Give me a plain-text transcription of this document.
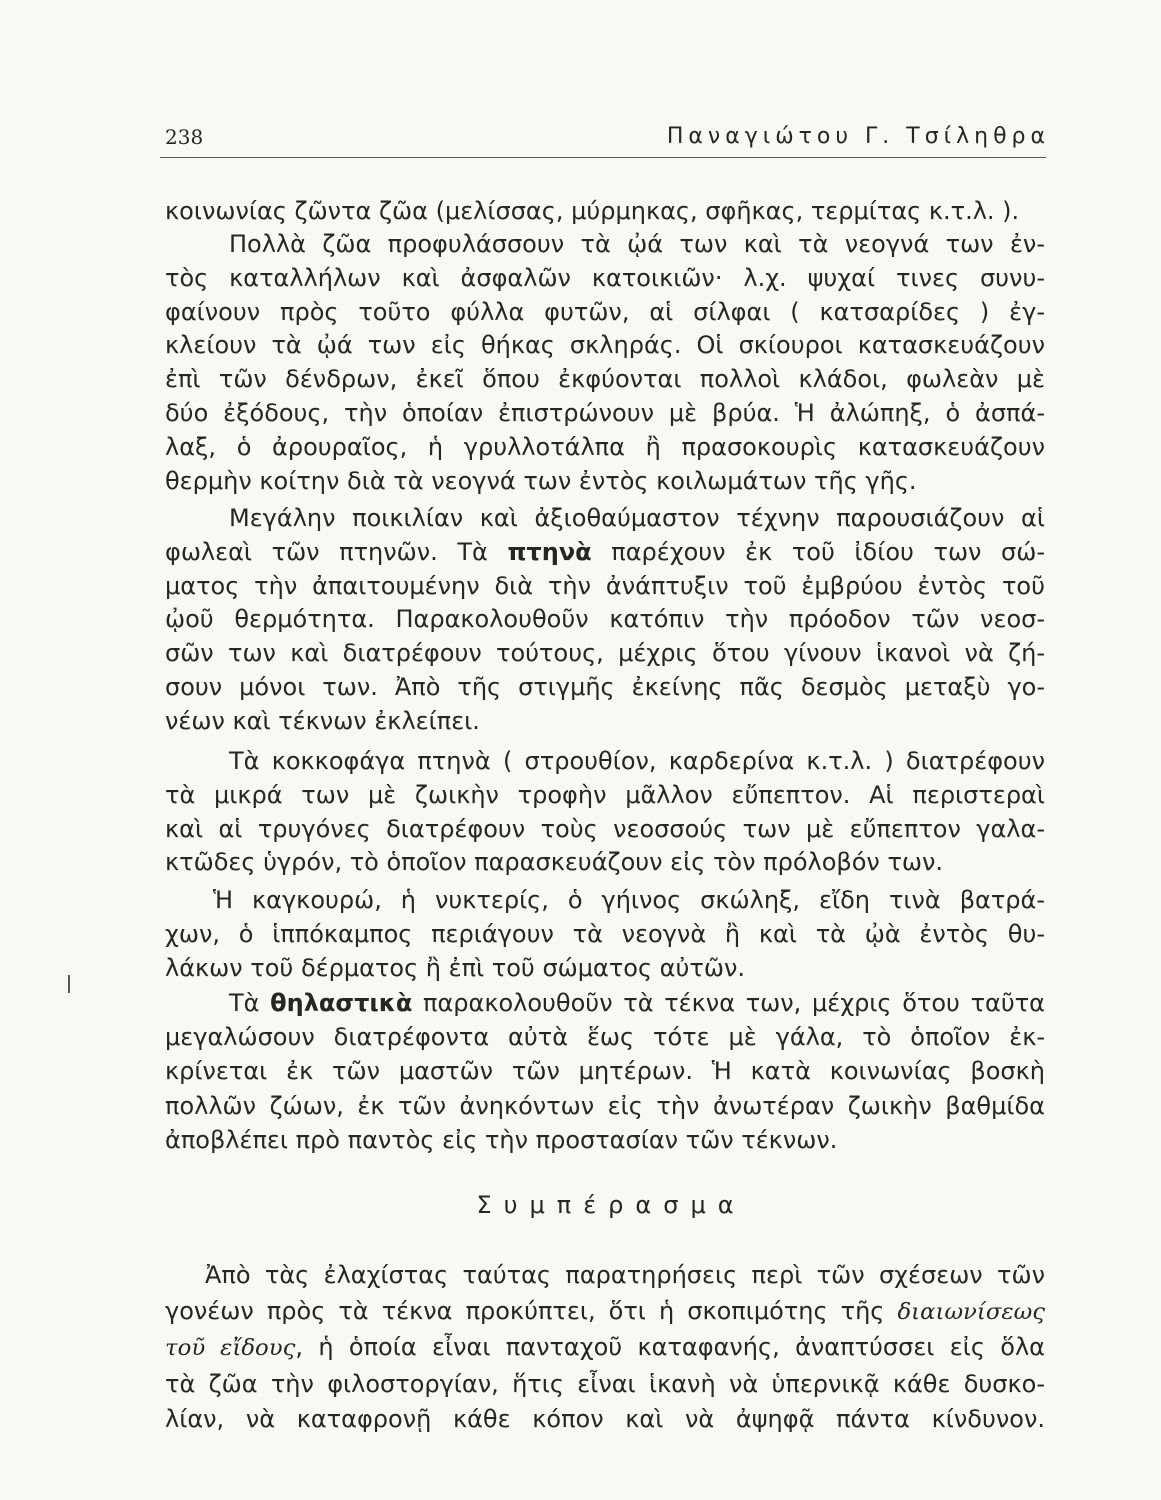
238	Παναγιώτου Γ. Τσίληθρα
κοινωνίας ζῶντα ζῶα (μελίσσας, μύρμηκας, σφῆκας, τερμίτας κ.τ.λ. ).
Πολλὰ ζῶα προφυλάσσουν τὰ ᾠά των καὶ τὰ νεογνά των ἐν-
τὸς καταλλήλων καὶ ἀσφαλῶν κατοικιῶν· λ.χ. ψυχαί τινες συνυ-
φαίνουν πρὸς τοῦτο φύλλα φυτῶν, αἱ σίλφαι ( κατσαρίδες ) ἐγ-
κλείουν τὰ ᾠά των εἰς θήκας σκληράς. Οἱ σκίουροι κατασκευάζουν
ἐπὶ τῶν δένδρων, ἐκεῖ ὅπου ἐκφύονται πολλοὶ κλάδοι, φωλεὰν μὲ
δύο ἐξόδους, τὴν ὁποίαν ἐπιστρώνουν μὲ βρύα. Ἡ ἀλώπηξ, ὁ ἀσπά-
λαξ, ὁ ἀρουραῖος, ἡ γρυλλοτάλπα ἢ πρασοκουρὶς κατασκευάζουν
θερμὴν κοίτην διὰ τὰ νεογνά των ἐντὸς κοιλωμάτων τῆς γῆς.
Μεγάλην ποικιλίαν καὶ ἀξιοθαύμαστον τέχνην παρουσιάζουν αἱ
φωλεαὶ τῶν πτηνῶν. Τὰ πτηνὰ παρέχουν ἐκ τοῦ ἰδίου των σώ-
ματος τὴν ἀπαιτουμένην διὰ τὴν ἀνάπτυξιν τοῦ ἐμβρύου ἐντὸς τοῦ
ᾠοῦ θερμότητα. Παρακολουθοῦν κατόπιν τὴν πρόοδον τῶν νεοσ-
σῶν των καὶ διατρέφουν τούτους, μέχρις ὅτου γίνουν ἱκανοὶ νὰ ζή-
σουν μόνοι των. Ἀπὸ τῆς στιγμῆς ἐκείνης πᾶς δεσμὸς μεταξὺ γο-
νέων καὶ τέκνων ἐκλείπει.
Τὰ κοκκοφάγα πτηνὰ ( στρουθίον, καρδερίνα κ.τ.λ. ) διατρέφουν
τὰ μικρά των μὲ ζωικὴν τροφὴν μᾶλλον εὔπεπτον. Αἱ περιστεραὶ
καὶ αἱ τρυγόνες διατρέφουν τοὺς νεοσσούς των μὲ εὔπεπτον γαλα-
κτῶδες ὑγρόν, τὸ ὁποῖον παρασκευάζουν εἰς τὸν πρόλοβόν των.
Ἡ καγκουρώ, ἡ νυκτερίς, ὁ γήινος σκώληξ, εἴδη τινὰ βατρά-
χων, ὁ ἱππόκαμπος περιάγουν τὰ νεογνὰ ἢ καὶ τὰ ᾠὰ ἐντὸς θυ-
λάκων τοῦ δέρματος ἢ ἐπὶ τοῦ σώματος αὐτῶν.
Τὰ θηλαστικὰ παρακολουθοῦν τὰ τέκνα των, μέχρις ὅτου ταῦτα
μεγαλώσουν διατρέφοντα αὐτὰ ἕως τότε μὲ γάλα, τὸ ὁποῖον ἐκ-
κρίνεται ἐκ τῶν μαστῶν τῶν μητέρων. Ἡ κατὰ κοινωνίας βοσκὴ
πολλῶν ζώων, ἐκ τῶν ἀνηκόντων εἰς τὴν ἀνωτέραν ζωικὴν βαθμίδα
ἀποβλέπει πρὸ παντὸς εἰς τὴν προστασίαν τῶν τέκνων.
Συμπέρασμα
Ἀπὸ τὰς ἐλαχίστας ταύτας παρατηρήσεις περὶ τῶν σχέσεων τῶν
γονέων πρὸς τὰ τέκνα προκύπτει, ὅτι ἡ σκοπιμότης τῆς διαιωνίσεως
τοῦ εἴδους, ἡ ὁποία εἶναι πανταχοῦ καταφανής, ἀναπτύσσει εἰς ὅλα
τὰ ζῶα τὴν φιλοστοργίαν, ἥτις εἶναι ἱκανὴ νὰ ὑπερνικᾷ κάθε δυσκο-
λίαν, νὰ καταφρονῇ κάθε κόπον καὶ νὰ ἀψηφᾷ πάντα κίνδυνον.
